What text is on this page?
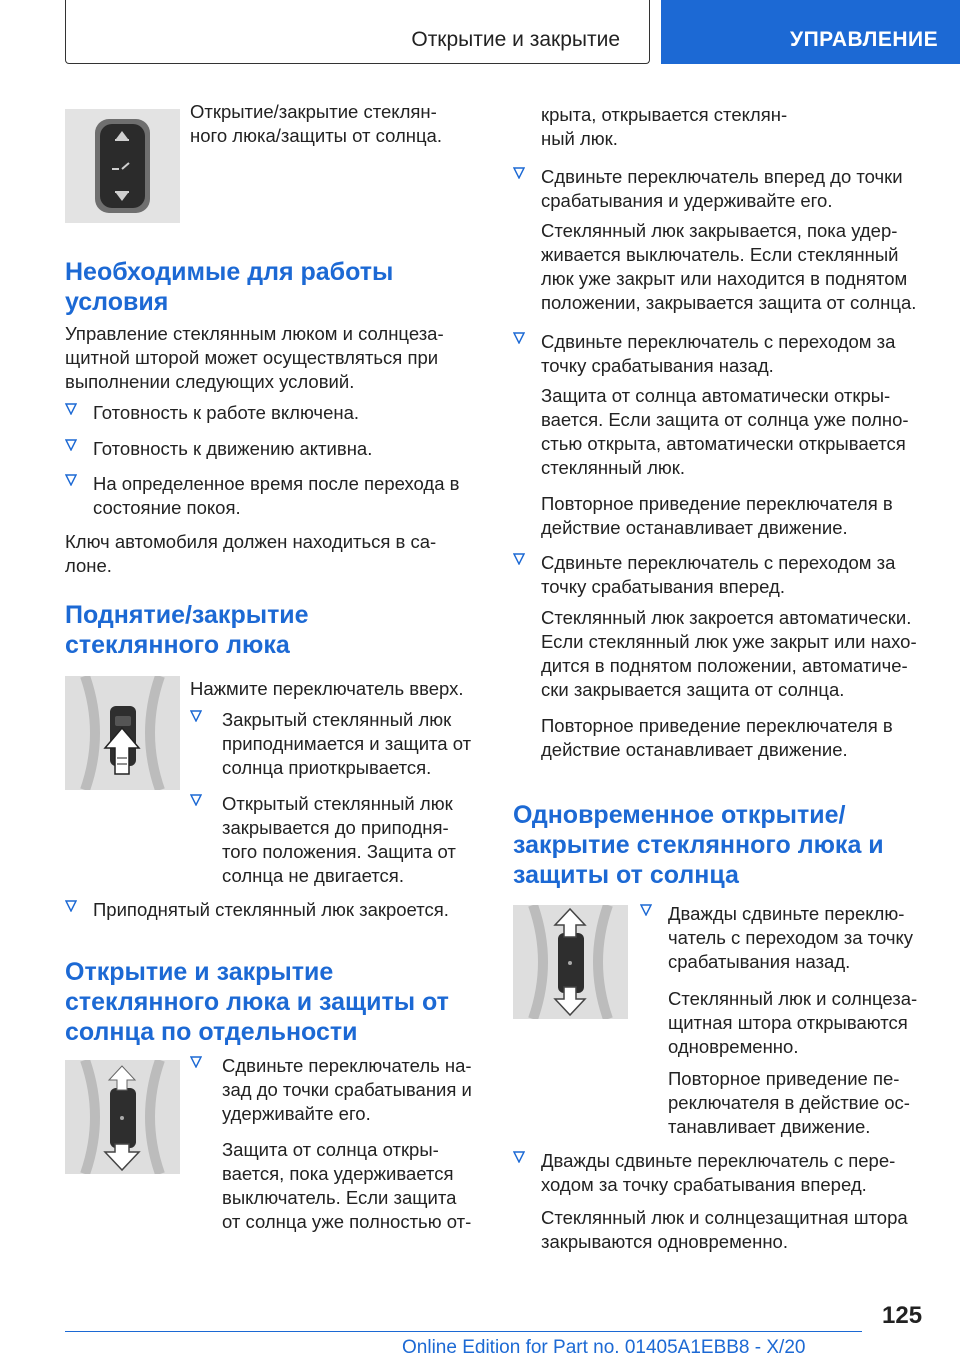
Открытие и закрытие	УПРАВЛЕНИЕ
Открытие/закрытие стеклян-
ного люка/защиты от солнца.
Необходимые для работы
условия
Управление стеклянным люком и солнцеза-
щитной шторой может осуществляться при
выполнении следующих условий.
Готовность к работе включена.
Готовность к движению активна.
На определенное время после перехода в
состояние покоя.
Ключ автомобиля должен находиться в са-
лоне.
Поднятие/закрытие
стеклянного люка
Нажмите переключатель вверх.
Закрытый стеклянный люк
приподнимается и защита от
солнца приоткрывается.
Открытый стеклянный люк
закрывается до приподня-
того положения. Защита от
солнца не двигается.
Приподнятый стеклянный люк закроется.
Открытие и закрытие
стеклянного люка и защиты от
солнца по отдельности
Сдвиньте переключатель на-
зад до точки срабатывания и
удерживайте его.
Защита от солнца откры-
вается, пока удерживается
выключатель. Если защита
от солнца уже полностью от-
крыта, открывается стеклян-
ный люк.
Сдвиньте переключатель вперед до точки
срабатывания и удерживайте его.
Стеклянный люк закрывается, пока удер-
живается выключатель. Если стеклянный
люк уже закрыт или находится в поднятом
положении, закрывается защита от солнца.
Сдвиньте переключатель с переходом за
точку срабатывания назад.
Защита от солнца автоматически откры-
вается. Если защита от солнца уже полно-
стью открыта, автоматически открывается
стеклянный люк.
Повторное приведение переключателя в
действие останавливает движение.
Сдвиньте переключатель с переходом за
точку срабатывания вперед.
Стеклянный люк закроется автоматически.
Если стеклянный люк уже закрыт или нахо-
дится в поднятом положении, автоматиче-
ски закрывается защита от солнца.
Повторное приведение переключателя в
действие останавливает движение.
Одновременное открытие/
закрытие стеклянного люка и
защиты от солнца
Дважды сдвиньте переклю-
чатель с переходом за точку
срабатывания назад.
Стеклянный люк и солнцеза-
щитная штора открываются
одновременно.
Повторное приведение пе-
реключателя в действие ос-
танавливает движение.
Дважды сдвиньте переключатель с пере-
ходом за точку срабатывания вперед.
Стеклянный люк и солнцезащитная штора
закрываются одновременно.
125
Online Edition for Part no. 01405A1EBB8 - X/20
